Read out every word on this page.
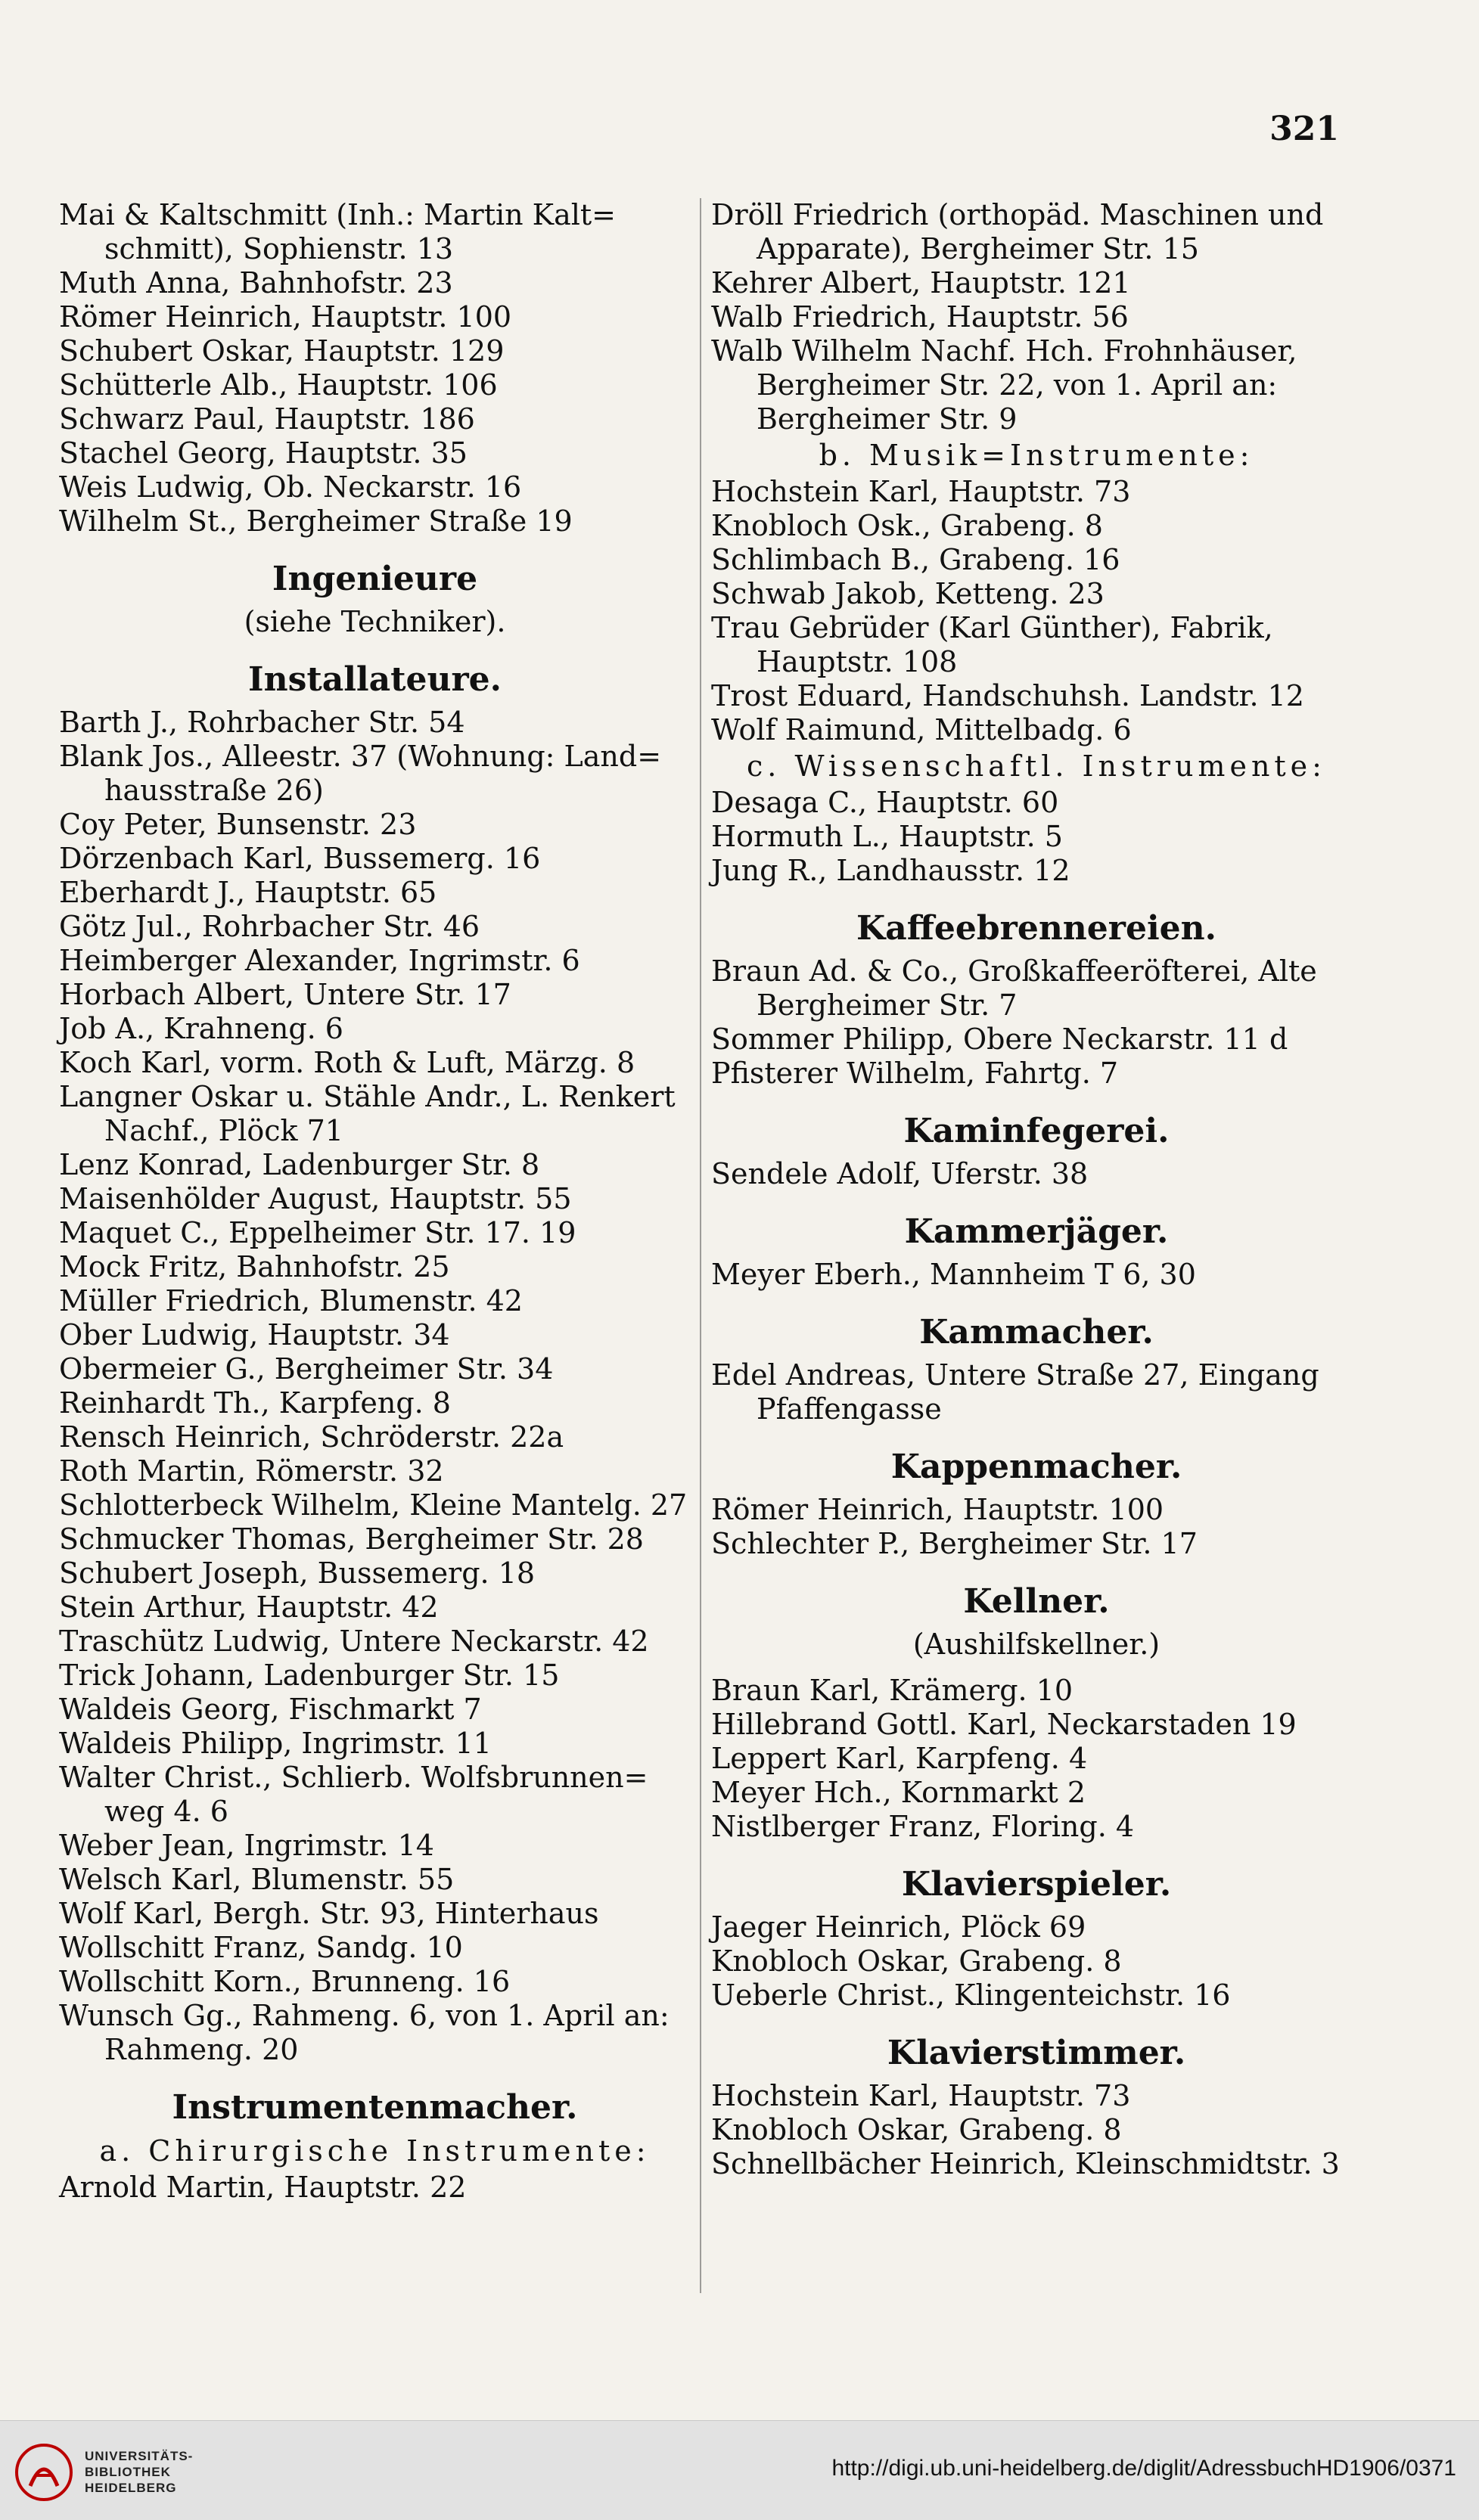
321

Mai & Kaltschmitt (Inh.: Martin Kalt=
schmitt), Sophienstr. 13

Muth Anna, Bahnhofstr. 23

Römer Heinrich, Hauptstr. 100

Schubert Oskar, Hauptstr. 129

Schütterle Alb., Hauptstr. 106

Schwarz Paul, Hauptstr. 186

Stachel Georg, Hauptstr. 35

Weis Ludwig, Ob. Neckarstr. 16

Wilhelm St., Bergheimer Straße 19

Ingenieure
(siehe Techniker).
Installateure.

Barth J., Rohrbacher Str. 54

Blank Jos., Alleestr. 37 (Wohnung: Land=
hausstraße 26)

Coy Peter, Bunsenstr. 23

Dörzenbach Karl, Bussemerg. 16

Eberhardt J., Hauptstr. 65

Götz Jul., Rohrbacher Str. 46

Heimberger Alexander, Ingrimstr. 6

Horbach Albert, Untere Str. 17

Job A., Krahneng. 6

Koch Karl, vorm. Roth & Luft, Märzg. 8

Langner Oskar u. Stähle Andr., L. Renkert
Nachf., Plöck 71

Lenz Konrad, Ladenburger Str. 8

Maisenhölder August, Hauptstr. 55

Maquet C., Eppelheimer Str. 17. 19

Mock Fritz, Bahnhofstr. 25

Müller Friedrich, Blumenstr. 42

Ober Ludwig, Hauptstr. 34

Obermeier G., Bergheimer Str. 34

Reinhardt Th., Karpfeng. 8

Rensch Heinrich, Schröderstr. 22a

Roth Martin, Römerstr. 32

Schlotterbeck Wilhelm, Kleine Mantelg. 27

Schmucker Thomas, Bergheimer Str. 28

Schubert Joseph, Bussemerg. 18

Stein Arthur, Hauptstr. 42

Traschütz Ludwig, Untere Neckarstr. 42

Trick Johann, Ladenburger Str. 15

Waldeis Georg, Fischmarkt 7

Waldeis Philipp, Ingrimstr. 11

Walter Christ., Schlierb. Wolfsbrunnen=
weg 4. 6

Weber Jean, Ingrimstr. 14

Welsch Karl, Blumenstr. 55

Wolf Karl, Bergh. Str. 93, Hinterhaus

Wollschitt Franz, Sandg. 10

Wollschitt Korn., Brunneng. 16

Wunsch Gg., Rahmeng. 6, von 1. April an:
Rahmeng. 20

Instrumentenmacher.
a. Chirurgische Instrumente:

Arnold Martin, Hauptstr. 22

Dröll Friedrich (orthopäd. Maschinen und
Apparate), Bergheimer Str. 15

Kehrer Albert, Hauptstr. 121

Walb Friedrich, Hauptstr. 56

Walb Wilhelm Nachf. Hch. Frohnhäuser,
Bergheimer Str. 22, von 1. April an:
Bergheimer Str. 9

b. Musik=Instrumente:

Hochstein Karl, Hauptstr. 73

Knobloch Osk., Grabeng. 8

Schlimbach B., Grabeng. 16

Schwab Jakob, Ketteng. 23

Trau Gebrüder (Karl Günther), Fabrik,
Hauptstr. 108

Trost Eduard, Handschuhsh. Landstr. 12

Wolf Raimund, Mittelbadg. 6

c. Wissenschaftl. Instrumente:

Desaga C., Hauptstr. 60

Hormuth L., Hauptstr. 5

Jung R., Landhausstr. 12

Kaffeebrennereien.

Braun Ad. & Co., Großkaffeeröfterei, Alte
Bergheimer Str. 7

Sommer Philipp, Obere Neckarstr. 11 d

Pfisterer Wilhelm, Fahrtg. 7

Kaminfegerei.

Sendele Adolf, Uferstr. 38

Kammerjäger.

Meyer Eberh., Mannheim T 6, 30

Kammacher.

Edel Andreas, Untere Straße 27, Eingang
Pfaffengasse

Kappenmacher.

Römer Heinrich, Hauptstr. 100

Schlechter P., Bergheimer Str. 17

Kellner.
(Aushilfskellner.)

Braun Karl, Krämerg. 10

Hillebrand Gottl. Karl, Neckarstaden 19

Leppert Karl, Karpfeng. 4

Meyer Hch., Kornmarkt 2

Nistlberger Franz, Floring. 4

Klavierspieler.

Jaeger Heinrich, Plöck 69

Knobloch Oskar, Grabeng. 8

Ueberle Christ., Klingenteichstr. 16

Klavierstimmer.

Hochstein Karl, Hauptstr. 73

Knobloch Oskar, Grabeng. 8

Schnellbächer Heinrich, Kleinschmidtstr. 3

UNIVERSITÄTS-
BIBLIOTHEK
HEIDELBERG
http://digi.ub.uni-heidelberg.de/diglit/AdressbuchHD1906/0371
